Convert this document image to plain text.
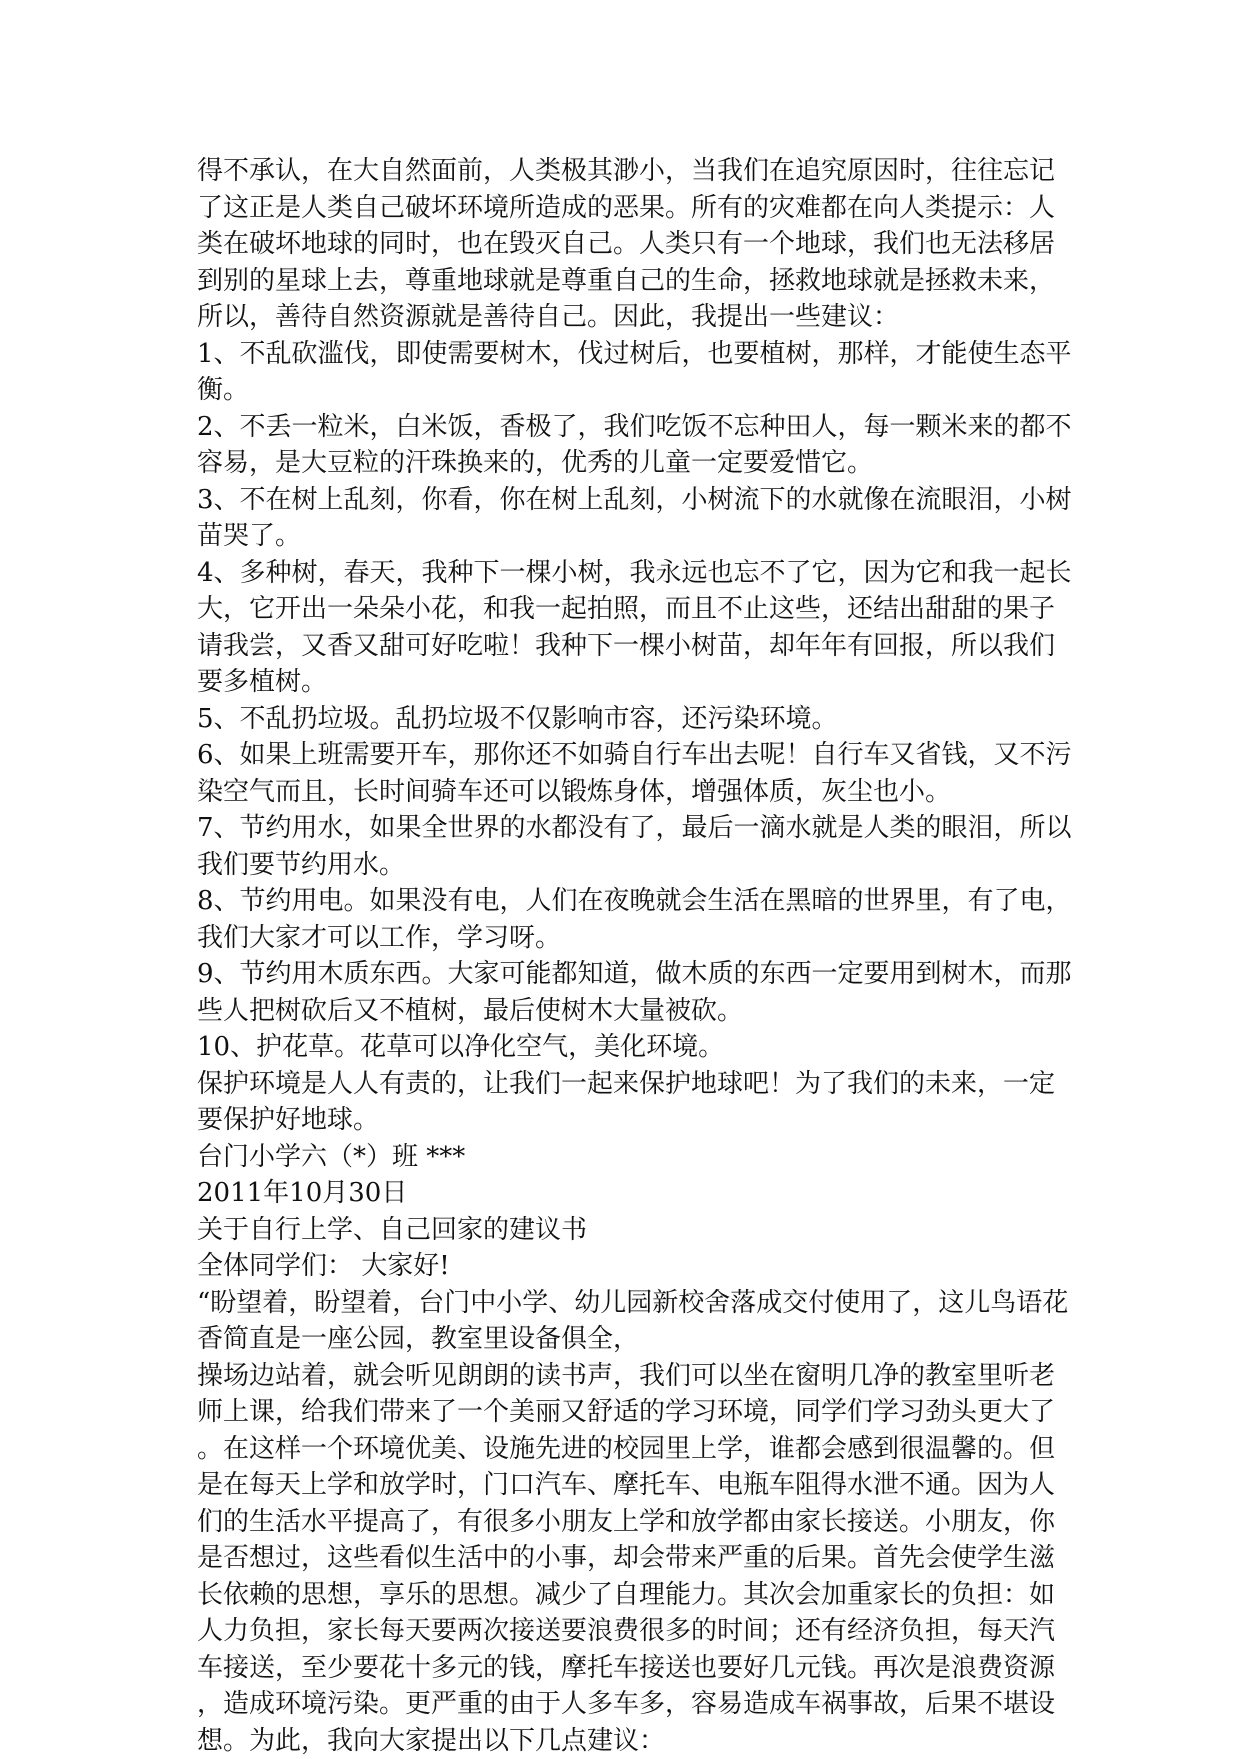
得不承认，在大自然面前，人类极其渺小，当我们在追究原因时，往往忘记
了这正是人类自己破坏环境所造成的恶果。所有的灾难都在向人类提示：人
类在破坏地球的同时，也在毁灭自己。人类只有一个地球，我们也无法移居
到别的星球上去，尊重地球就是尊重自己的生命，拯救地球就是拯救未来，
所以，善待自然资源就是善待自己。因此，我提出一些建议：
1、不乱砍滥伐，即使需要树木，伐过树后，也要植树，那样，才能使生态平
衡。
2、不丢一粒米，白米饭，香极了，我们吃饭不忘种田人，每一颗米来的都不
容易，是大豆粒的汗珠换来的，优秀的儿童一定要爱惜它。
3、不在树上乱刻，你看，你在树上乱刻，小树流下的水就像在流眼泪，小树
苗哭了。
4、多种树，春天，我种下一棵小树，我永远也忘不了它，因为它和我一起长
大，它开出一朵朵小花，和我一起拍照，而且不止这些，还结出甜甜的果子
请我尝，又香又甜可好吃啦！我种下一棵小树苗，却年年有回报，所以我们
要多植树。
5、不乱扔垃圾。乱扔垃圾不仅影响市容，还污染环境。
6、如果上班需要开车，那你还不如骑自行车出去呢！自行车又省钱，又不污
染空气而且，长时间骑车还可以锻炼身体，增强体质，灰尘也小。
7、节约用水，如果全世界的水都没有了，最后一滴水就是人类的眼泪，所以
我们要节约用水。
8、节约用电。如果没有电，人们在夜晚就会生活在黑暗的世界里，有了电，
我们大家才可以工作，学习呀。
9、节约用木质东西。大家可能都知道，做木质的东西一定要用到树木，而那
些人把树砍后又不植树，最后使树木大量被砍。
10、护花草。花草可以净化空气，美化环境。
保护环境是人人有责的，让我们一起来保护地球吧！为了我们的未来，一定
要保护好地球。
台门小学六（*）班 ***
2011年10月30日
关于自行上学、自己回家的建议书
全体同学们： 大家好!
“盼望着，盼望着，台门中小学、幼儿园新校舍落成交付使用了，这儿鸟语花
香简直是一座公园，教室里设备俱全，
操场边站着，就会听见朗朗的读书声，我们可以坐在窗明几净的教室里听老
师上课，给我们带来了一个美丽又舒适的学习环境，同学们学习劲头更大了
。在这样一个环境优美、设施先进的校园里上学，谁都会感到很温馨的。但
是在每天上学和放学时，门口汽车、摩托车、电瓶车阻得水泄不通。因为人
们的生活水平提高了，有很多小朋友上学和放学都由家长接送。小朋友，你
是否想过，这些看似生活中的小事，却会带来严重的后果。首先会使学生滋
长依赖的思想，享乐的思想。减少了自理能力。其次会加重家长的负担：如
人力负担，家长每天要两次接送要浪费很多的时间；还有经济负担，每天汽
车接送，至少要花十多元的钱，摩托车接送也要好几元钱。再次是浪费资源
，造成环境污染。更严重的由于人多车多，容易造成车祸事故，后果不堪设
想。为此，我向大家提出以下几点建议：
